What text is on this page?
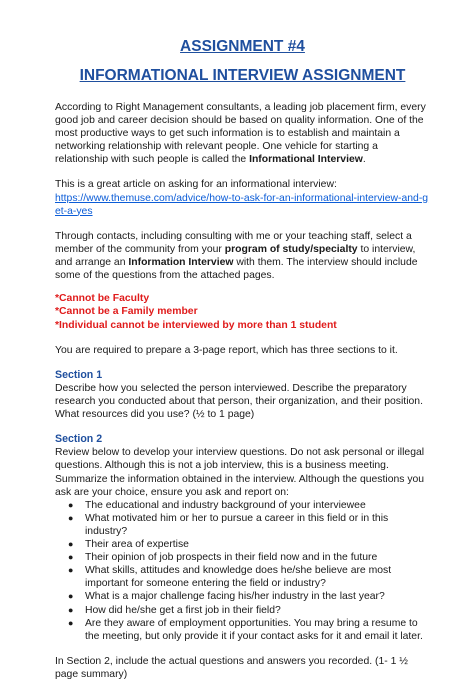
ASSIGNMENT #4
INFORMATIONAL INTERVIEW ASSIGNMENT

According to Right Management consultants, a leading job placement firm, every good job and career decision should be based on quality information. One of the most productive ways to get such information is to establish and maintain a networking relationship with relevant people. One vehicle for starting a relationship with such people is called the Informational Interview.

This is a great article on asking for an informational interview:
https://www.themuse.com/advice/how-to-ask-for-an-informational-interview-and-get-a-yes

Through contacts, including consulting with me or your teaching staff, select a member of the community from your program of study/specialty to interview, and arrange an Information Interview with them. The interview should include some of the questions from the attached pages.

*Cannot be Faculty

*Cannot be a Family member

*Individual cannot be interviewed by more than 1 student

You are required to prepare a 3-page report, which has three sections to it.

Section 1

Describe how you selected the person interviewed. Describe the preparatory research you conducted about that person, their organization, and their position. What resources did you use? (½ to 1 page)

Section 2

Review below to develop your interview questions. Do not ask personal or illegal questions. Although this is not a job interview, this is a business meeting. Summarize the information obtained in the interview. Although the questions you ask are your choice, ensure you ask and report on:

● The educational and industry background of your interviewee
● What motivated him or her to pursue a career in this field or in this industry?
● Their area of expertise
● Their opinion of job prospects in their field now and in the future
● What skills, attitudes and knowledge does he/she believe are most important for someone entering the field or industry?
● What is a major challenge facing his/her industry in the last year?
● How did he/she get a first job in their field?
● Are they aware of employment opportunities. You may bring a resume to the meeting, but only provide it if your contact asks for it and email it later.

In Section 2, include the actual questions and answers you recorded. (1- 1 ½ page summary)
